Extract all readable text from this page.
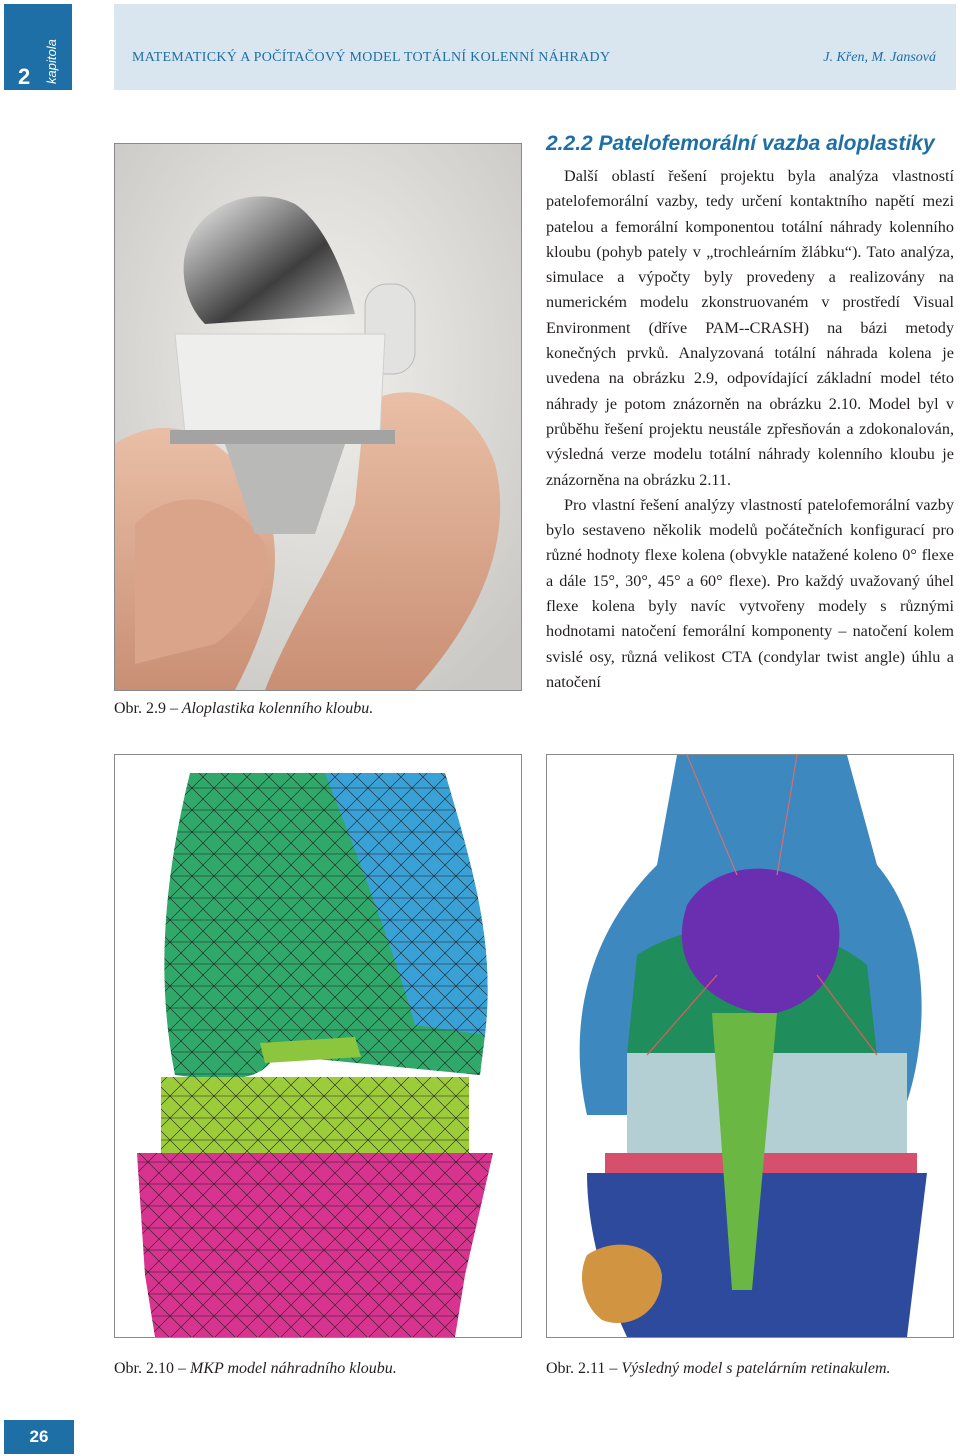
2 kapitola	MATEMATICKÝ A POČÍTAČOVÝ MODEL TOTÁLNÍ KOLENNÍ NÁHRADY	J. Křen, M. Jansová
Obr. 2.9 – Aloplastika kolenního kloubu.
2.2.2 Patelofemorální vazba aloplastiky

Další oblastí řešení projektu byla analýza vlastností patelofemorální vazby, tedy určení kontaktního napětí mezi patelou a femorální komponentou totální náhrady kolenního kloubu (pohyb pately v „trochleárním žlábku“). Tato analýza, simulace a výpočty byly provedeny a realizovány na numerickém modelu zkonstruovaném v prostředí Visual Environment (dříve PAM--CRASH) na bázi metody konečných prvků. Analyzovaná totální náhrada kolena je uvedena na obrázku 2.9, odpovídající základní model této náhrady je potom znázorněn na obrázku 2.10. Model byl v průběhu řešení projektu neustále zpřesňován a zdokonalován, výsledná verze modelu totální náhrady kolenního kloubu je znázorněna na obrázku 2.11.

Pro vlastní řešení analýzy vlastností patelofemorální vazby bylo sestaveno několik modelů počátečních konfigurací pro různé hodnoty flexe kolena (obvykle natažené koleno 0° flexe a dále 15°, 30°, 45° a 60° flexe). Pro každý uvažovaný úhel flexe kolena byly navíc vytvořeny modely s různými hodnotami natočení femorální komponenty – natočení kolem svislé osy, různá velikost CTA (condylar twist angle) úhlu a natočení

Obr. 2.10 – MKP model náhradního kloubu.	Obr. 2.11 – Výsledný model s patelárním retinakulem.
26
